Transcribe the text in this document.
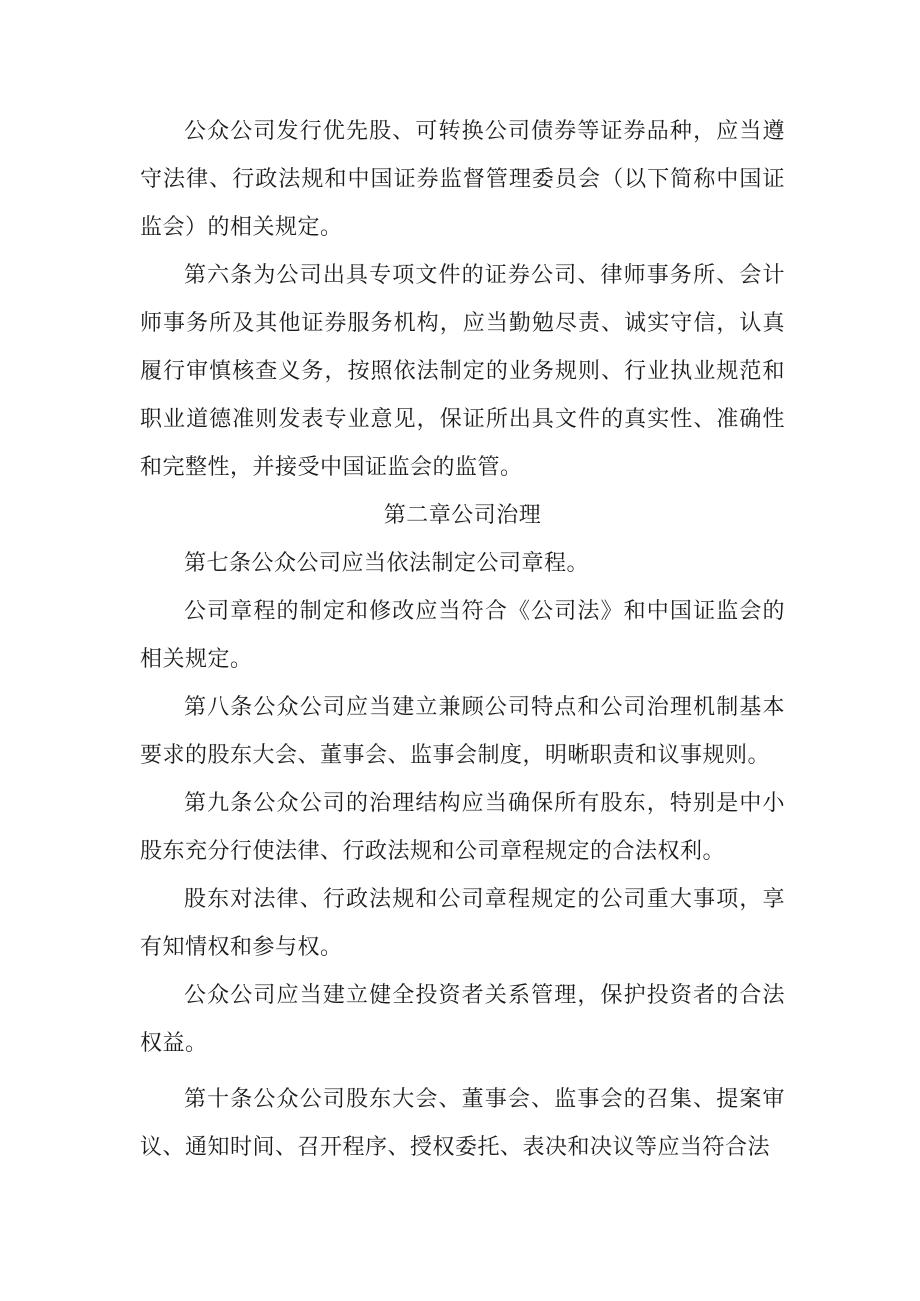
公众公司发行优先股、可转换公司债券等证券品种，应当遵守法律、行政法规和中国证券监督管理委员会（以下简称中国证监会）的相关规定。

第六条为公司出具专项文件的证券公司、律师事务所、会计师事务所及其他证券服务机构，应当勤勉尽责、诚实守信，认真履行审慎核查义务，按照依法制定的业务规则、行业执业规范和职业道德准则发表专业意见，保证所出具文件的真实性、准确性和完整性，并接受中国证监会的监管。

第二章公司治理

第七条公众公司应当依法制定公司章程。

公司章程的制定和修改应当符合《公司法》和中国证监会的相关规定。

第八条公众公司应当建立兼顾公司特点和公司治理机制基本要求的股东大会、董事会、监事会制度，明晰职责和议事规则。

第九条公众公司的治理结构应当确保所有股东，特别是中小股东充分行使法律、行政法规和公司章程规定的合法权利。

股东对法律、行政法规和公司章程规定的公司重大事项，享有知情权和参与权。

公众公司应当建立健全投资者关系管理，保护投资者的合法权益。

第十条公众公司股东大会、董事会、监事会的召集、提案审议、通知时间、召开程序、授权委托、表决和决议等应当符合法
